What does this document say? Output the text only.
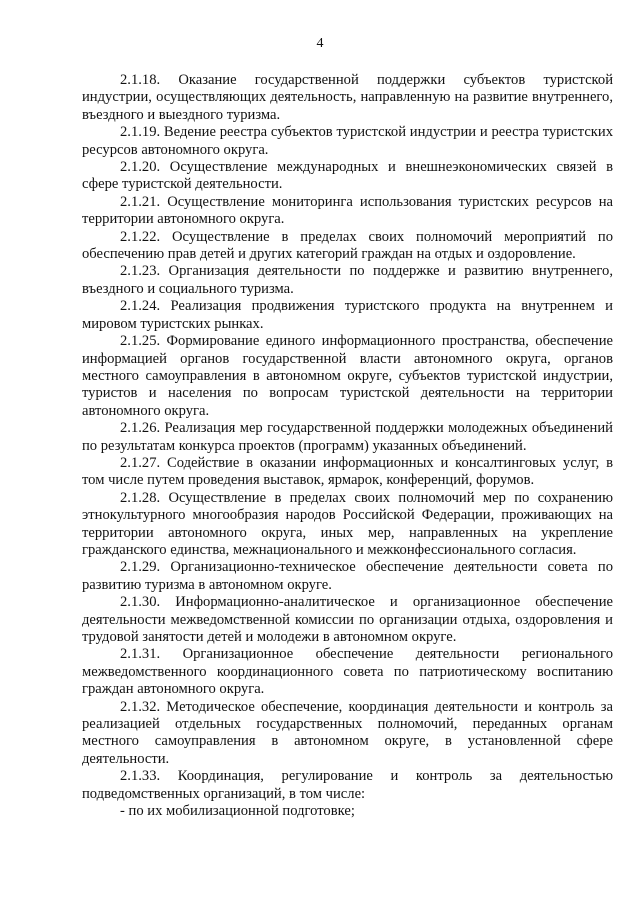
4

2.1.18. Оказание государственной поддержки субъектов туристской индустрии, осуществляющих деятельность, направленную на развитие внутреннего, въездного и выездного туризма.

2.1.19. Ведение реестра субъектов туристской индустрии и реестра туристских ресурсов автономного округа.

2.1.20. Осуществление международных и внешнеэкономических связей в сфере туристской деятельности.

2.1.21. Осуществление мониторинга использования туристских ресурсов на территории автономного округа.

2.1.22. Осуществление в пределах своих полномочий мероприятий по обеспечению прав детей и других категорий граждан на отдых и оздоровление.

2.1.23. Организация деятельности по поддержке и развитию внутреннего, въездного и социального туризма.

2.1.24. Реализация продвижения туристского продукта на внутреннем и мировом туристских рынках.

2.1.25. Формирование единого информационного пространства, обеспечение информацией органов государственной власти автономного округа, органов местного самоуправления в автономном округе, субъектов туристской индустрии, туристов и населения по вопросам туристской деятельности на территории автономного округа.

2.1.26. Реализация мер государственной поддержки молодежных объединений по результатам конкурса проектов (программ) указанных объединений.

2.1.27. Содействие в оказании информационных и консалтинговых услуг, в том числе путем проведения выставок, ярмарок, конференций, форумов.

2.1.28. Осуществление в пределах своих полномочий мер по сохранению этнокультурного многообразия народов Российской Федерации, проживающих на территории автономного округа, иных мер, направленных на укрепление гражданского единства, межнационального и межконфессионального согласия.

2.1.29. Организационно-техническое обеспечение деятельности совета по развитию туризма в автономном округе.

2.1.30. Информационно-аналитическое и организационное обеспечение деятельности межведомственной комиссии по организации отдыха, оздоровления и трудовой занятости детей и молодежи в автономном округе.

2.1.31. Организационное обеспечение деятельности регионального межведомственного координационного совета по патриотическому воспитанию граждан автономного округа.

2.1.32. Методическое обеспечение, координация деятельности и контроль за реализацией отдельных государственных полномочий, переданных органам местного самоуправления в автономном округе, в установленной сфере деятельности.

2.1.33. Координация, регулирование и контроль за деятельностью подведомственных организаций, в том числе:

- по их мобилизационной подготовке;
